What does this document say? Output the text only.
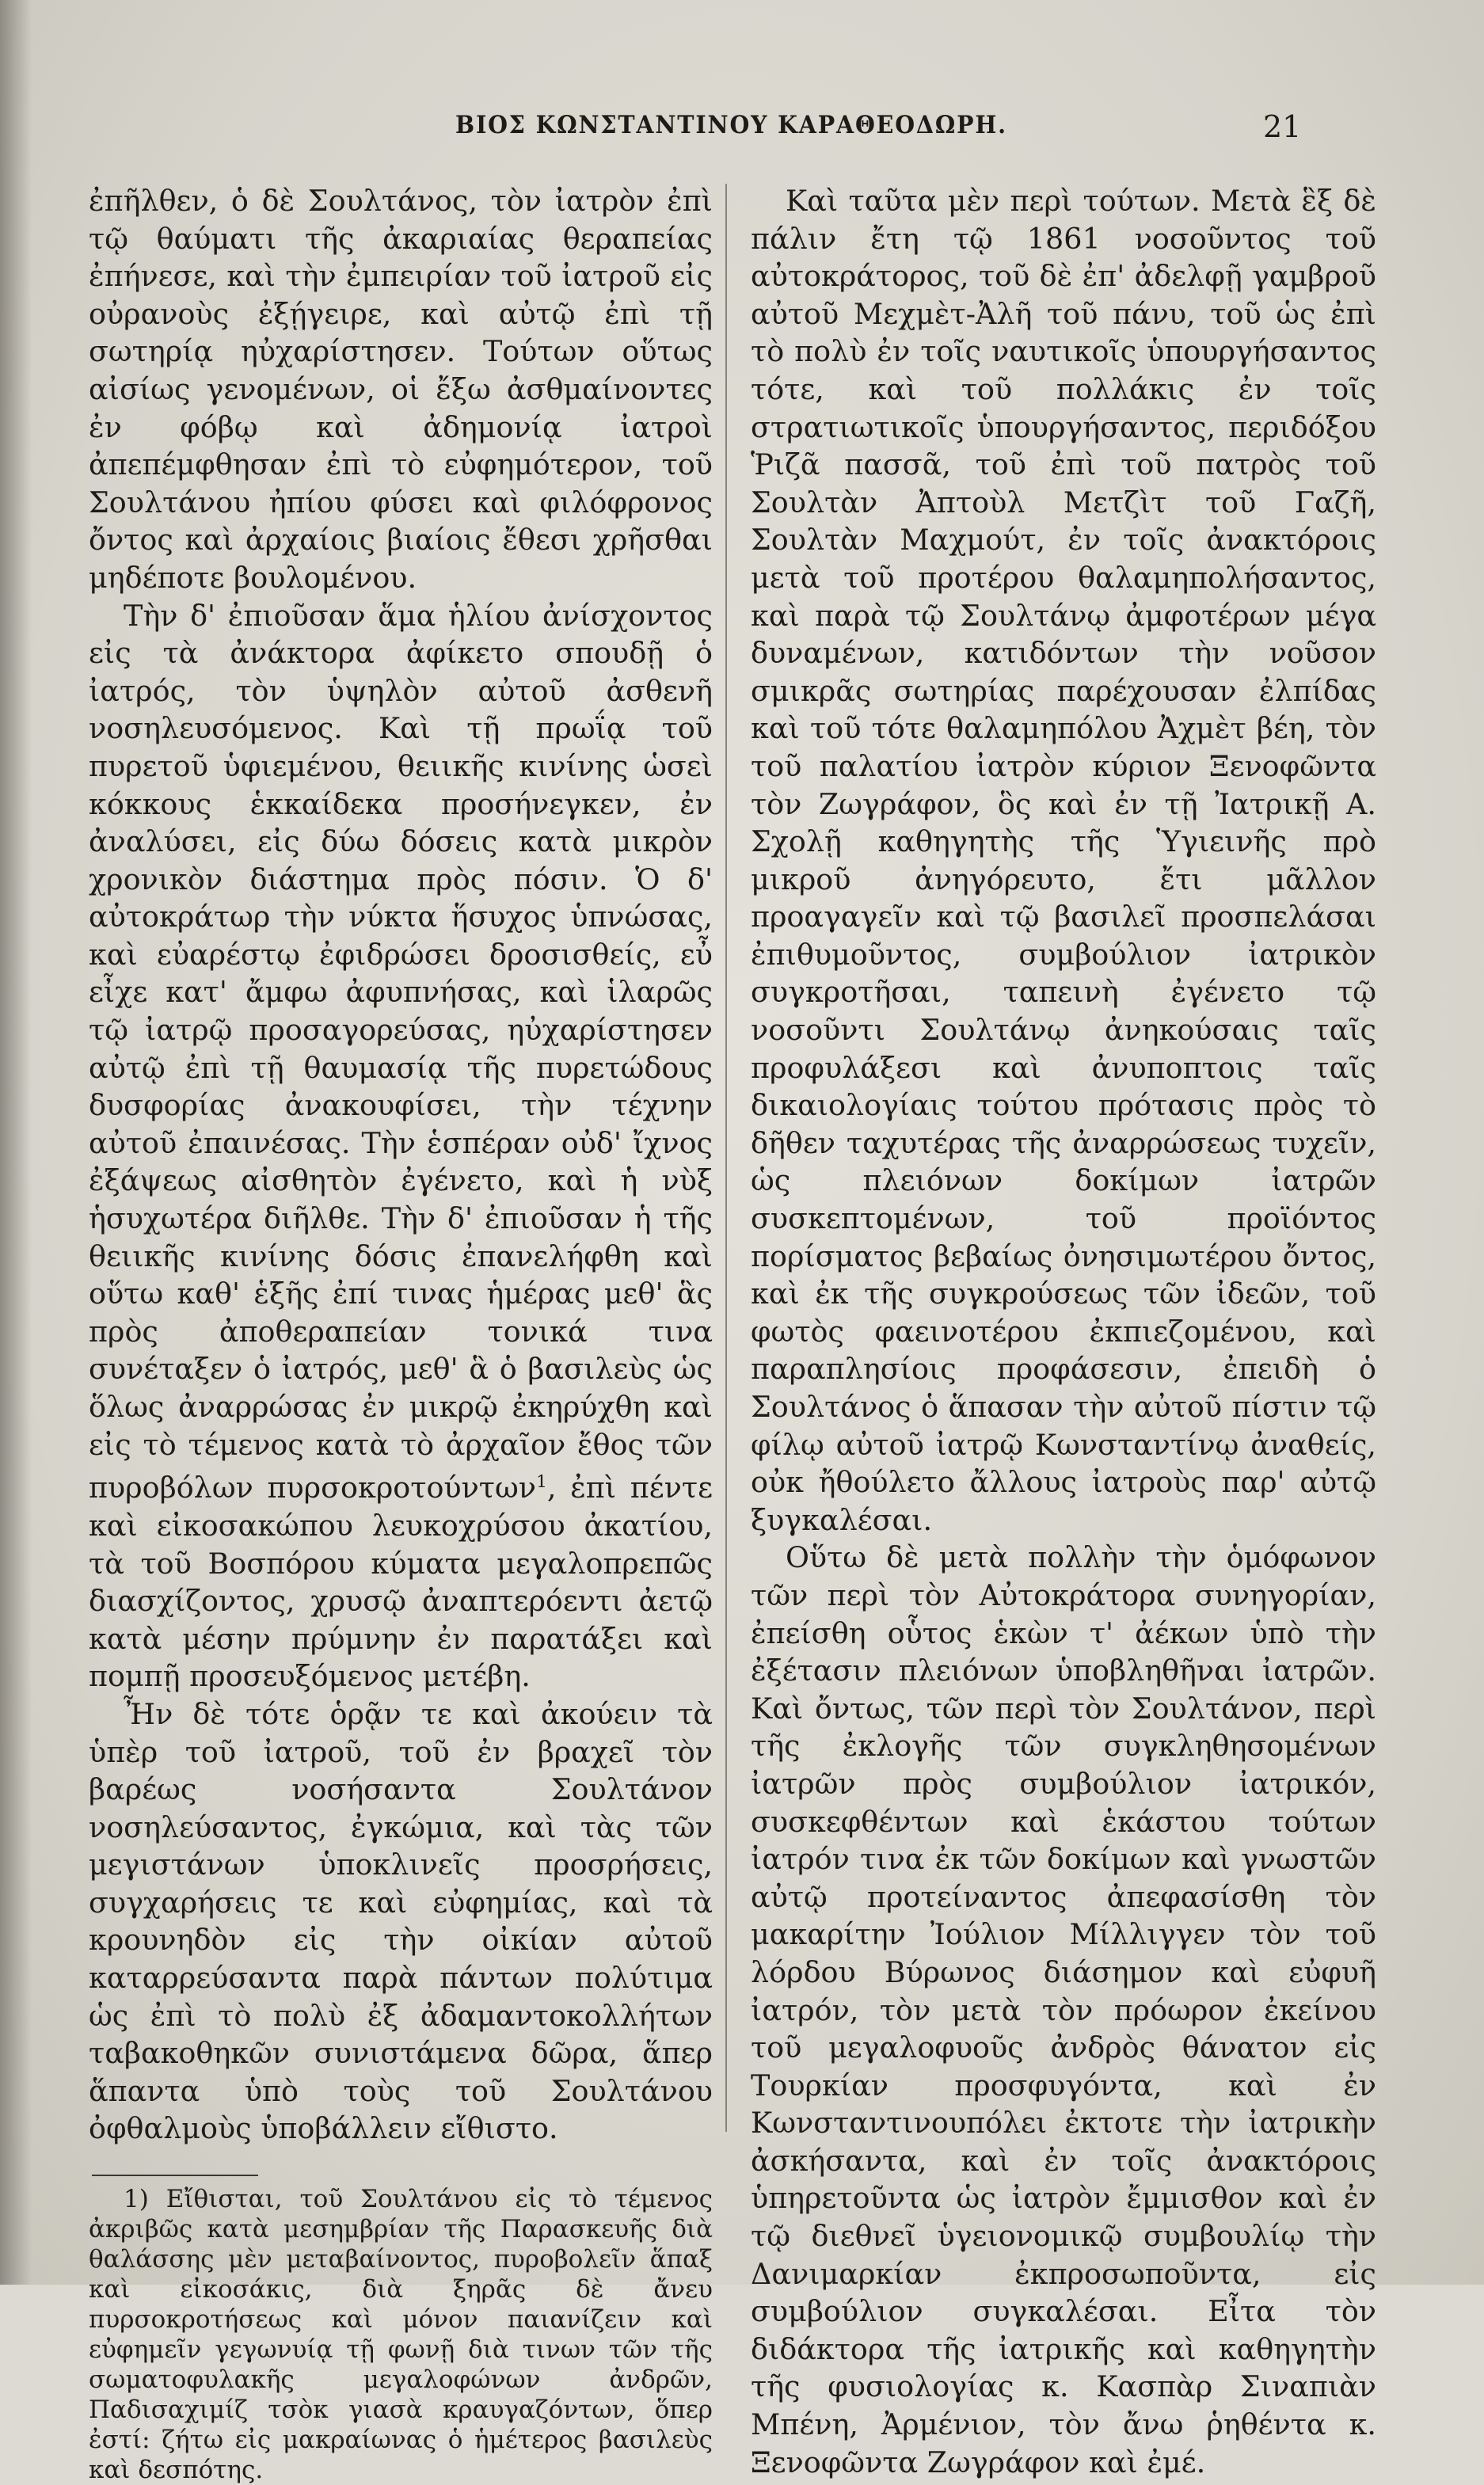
ΒΙΟΣ ΚΩΝΣΤΑΝΤΙΝΟΥ ΚΑΡΑΘΕΟΔΩΡΗ.	21

ἐπῆλθεν, ὁ δὲ Σουλτάνος, τὸν ἰατρὸν ἐπὶ τῷ θαύματι τῆς ἀκαριαίας θεραπείας ἐπήνεσε, καὶ τὴν ἐμπειρίαν τοῦ ἰατροῦ εἰς οὐρανοὺς ἐξῄγειρε, καὶ αὐτῷ ἐπὶ τῇ σωτηρίᾳ ηὐχαρίστησεν. Τούτων οὕτως αἰσίως γενομένων, οἱ ἔξω ἀσθμαίνοντες ἐν φόβῳ καὶ ἀδημονίᾳ ἰατροὶ ἀπεπέμφθησαν ἐπὶ τὸ εὐφημότερον, τοῦ Σουλτάνου ἠπίου φύσει καὶ φιλόφρονος ὄντος καὶ ἀρχαίοις βιαίοις ἔθεσι χρῆσθαι μηδέποτε βουλομένου.

Τὴν δ' ἐπιοῦσαν ἅμα ἡλίου ἀνίσχοντος εἰς τὰ ἀνάκτορα ἀφίκετο σπουδῇ ὁ ἰατρός, τὸν ὑψηλὸν αὐτοῦ ἀσθενῆ νοσηλευσόμενος. Καὶ τῇ πρωΐᾳ τοῦ πυρετοῦ ὑφιεμένου, θειικῆς κινίνης ὡσεὶ κόκκους ἑκκαίδεκα προσήνεγκεν, ἐν ἀναλύσει, εἰς δύω δόσεις κατὰ μικρὸν χρονικὸν διάστημα πρὸς πόσιν. Ὁ δ' αὐτοκράτωρ τὴν νύκτα ἥσυχος ὑπνώσας, καὶ εὐαρέστῳ ἐφιδρώσει δροσισθείς, εὖ εἶχε κατ' ἄμφω ἀφυπνήσας, καὶ ἱλαρῶς τῷ ἰατρῷ προσαγορεύσας, ηὐχαρίστησεν αὐτῷ ἐπὶ τῇ θαυμασίᾳ τῆς πυρετώδους δυσφορίας ἀνακουφίσει, τὴν τέχνην αὐτοῦ ἐπαινέσας. Τὴν ἑσπέραν οὐδ' ἴχνος ἐξάψεως αἰσθητὸν ἐγένετο, καὶ ἡ νὺξ ἡσυχωτέρα διῆλθε. Τὴν δ' ἐπιοῦσαν ἡ τῆς θειικῆς κινίνης δόσις ἐπανελήφθη καὶ οὕτω καθ' ἑξῆς ἐπί τινας ἡμέρας μεθ' ἃς πρὸς ἀποθεραπείαν τονικά τινα συνέταξεν ὁ ἰατρός, μεθ' ἃ ὁ βασιλεὺς ὡς ὅλως ἀναρρώσας ἐν μικρῷ ἐκηρύχθη καὶ εἰς τὸ τέμενος κατὰ τὸ ἀρχαῖον ἔθος τῶν πυροβόλων πυρσοκροτούντων$^1$, ἐπὶ πέντε καὶ εἰκοσακώπου λευκοχρύσου ἀκατίου, τὰ τοῦ Βοσπόρου κύματα μεγαλοπρεπῶς διασχίζοντος, χρυσῷ ἀναπτερόεντι ἀετῷ κατὰ μέσην πρύμνην ἐν παρατάξει καὶ πομπῇ προσευξόμενος μετέβη.

Ἦν δὲ τότε ὁρᾷν τε καὶ ἀκούειν τὰ ὑπὲρ τοῦ ἰατροῦ, τοῦ ἐν βραχεῖ τὸν βαρέως νοσήσαντα Σουλτάνον νοσηλεύσαντος, ἐγκώμια, καὶ τὰς τῶν μεγιστάνων ὑποκλινεῖς προσρήσεις, συγχαρήσεις τε καὶ εὐφημίας, καὶ τὰ κρουνηδὸν εἰς τὴν οἰκίαν αὐτοῦ καταρρεύσαντα παρὰ πάντων πολύτιμα ὡς ἐπὶ τὸ πολὺ ἐξ ἀδαμαντοκολλήτων ταβακοθηκῶν συνιστάμενα δῶρα, ἅπερ ἅπαντα ὑπὸ τοὺς τοῦ Σουλτάνου ὀφθαλμοὺς ὑποβάλλειν εἴθιστο.

1) Εἴθισται, τοῦ Σουλτάνου εἰς τὸ τέμενος ἀκριβῶς κατὰ μεσημβρίαν τῆς Παρασκευῆς διὰ θαλάσσης μὲν μεταβαίνοντος, πυροβολεῖν ἅπαξ καὶ εἰκοσάκις, διὰ ξηρᾶς δὲ ἄνευ πυρσοκροτήσεως καὶ μόνον παιανίζειν καὶ εὐφημεῖν γεγωνυίᾳ τῇ φωνῇ διὰ τινων τῶν τῆς σωματοφυλακῆς μεγαλοφώνων ἀνδρῶν, Παδισαχιμίζ τσὸκ γιασὰ κραυγαζόντων, ὅπερ ἐστί: ζήτω εἰς μακραίωνας ὁ ἡμέτερος βασιλεὺς καὶ δεσπότης.

Καὶ ταῦτα μὲν περὶ τούτων. Μετὰ ἓξ δὲ πάλιν ἔτη τῷ 1861 νοσοῦντος τοῦ αὐτοκράτορος, τοῦ δὲ ἐπ' ἀδελφῇ γαμβροῦ αὐτοῦ Μεχμὲτ-Ἀλῆ τοῦ πάνυ, τοῦ ὡς ἐπὶ τὸ πολὺ ἐν τοῖς ναυτικοῖς ὑπουργήσαντος τότε, καὶ τοῦ πολλάκις ἐν τοῖς στρατιωτικοῖς ὑπουργήσαντος, περιδόξου Ῥιζᾶ πασσᾶ, τοῦ ἐπὶ τοῦ πατρὸς τοῦ Σουλτὰν Ἀπτοὺλ Μετζὶτ τοῦ Γαζῆ, Σουλτὰν Μαχμούτ, ἐν τοῖς ἀνακτόροις μετὰ τοῦ προτέρου θαλαμηπολήσαντος, καὶ παρὰ τῷ Σουλτάνῳ ἀμφοτέρων μέγα δυναμένων, κατιδόντων τὴν νοῦσον σμικρᾶς σωτηρίας παρέχουσαν ἐλπίδας καὶ τοῦ τότε θαλαμηπόλου Ἀχμὲτ βέη, τὸν τοῦ παλατίου ἰατρὸν κύριον Ξενοφῶντα τὸν Ζωγράφον, ὃς καὶ ἐν τῇ Ἰατρικῇ Α. Σχολῇ καθηγητὴς τῆς Ὑγιεινῆς πρὸ μικροῦ ἀνηγόρευτο, ἔτι μᾶλλον προαγαγεῖν καὶ τῷ βασιλεῖ προσπελάσαι ἐπιθυμοῦντος, συμβούλιον ἰατρικὸν συγκροτῆσαι, ταπεινὴ ἐγένετο τῷ νοσοῦντι Σουλτάνῳ ἀνηκούσαις ταῖς προφυλάξεσι καὶ ἀνυποπτοις ταῖς δικαιολογίαις τούτου πρότασις πρὸς τὸ δῆθεν ταχυτέρας τῆς ἀναρρώσεως τυχεῖν, ὡς πλειόνων δοκίμων ἰατρῶν συσκεπτομένων, τοῦ προϊόντος πορίσματος βεβαίως ὀνησιμωτέρου ὄντος, καὶ ἐκ τῆς συγκρούσεως τῶν ἰδεῶν, τοῦ φωτὸς φαεινοτέρου ἐκπιεζομένου, καὶ παραπλησίοις προφάσεσιν, ἐπειδὴ ὁ Σουλτάνος ὁ ἅπασαν τὴν αὐτοῦ πίστιν τῷ φίλῳ αὐτοῦ ἰατρῷ Κωνσταντίνῳ ἀναθείς, οὐκ ἤθούλετο ἄλλους ἰατροὺς παρ' αὐτῷ ξυγκαλέσαι.

Οὕτω δὲ μετὰ πολλὴν τὴν ὁμόφωνον τῶν περὶ τὸν Αὐτοκράτορα συνηγορίαν, ἐπείσθη οὗτος ἑκὼν τ' ἀέκων ὑπὸ τὴν ἐξέτασιν πλειόνων ὑποβληθῆναι ἰατρῶν. Καὶ ὄντως, τῶν περὶ τὸν Σουλτάνον, περὶ τῆς ἐκλογῆς τῶν συγκληθησομένων ἰατρῶν πρὸς συμβούλιον ἰατρικόν, συσκεφθέντων καὶ ἑκάστου τούτων ἰατρόν τινα ἐκ τῶν δοκίμων καὶ γνωστῶν αὐτῷ προτείναντος ἀπεφασίσθη τὸν μακαρίτην Ἰούλιον Μίλλιγγεν τὸν τοῦ λόρδου Βύρωνος διάσημον καὶ εὐφυῆ ἰατρόν, τὸν μετὰ τὸν πρόωρον ἐκείνου τοῦ μεγαλοφυοῦς ἀνδρὸς θάνατον εἰς Τουρκίαν προσφυγόντα, καὶ ἐν Κωνσταντινουπόλει ἐκτοτε τὴν ἰατρικὴν ἀσκήσαντα, καὶ ἐν τοῖς ἀνακτόροις ὑπηρετοῦντα ὡς ἰατρὸν ἔμμισθον καὶ ἐν τῷ διεθνεῖ ὑγειονομικῷ συμβουλίῳ τὴν Δανιμαρκίαν ἐκπροσωποῦντα, εἰς συμβούλιον συγκαλέσαι. Εἶτα τὸν διδάκτορα τῆς ἰατρικῆς καὶ καθηγητὴν τῆς φυσιολογίας κ. Κασπὰρ Σιναπιὰν Μπένη, Ἀρμένιον, τὸν ἄνω ῥηθέντα κ. Ξενοφῶντα Ζωγράφον καὶ ἐμέ.
